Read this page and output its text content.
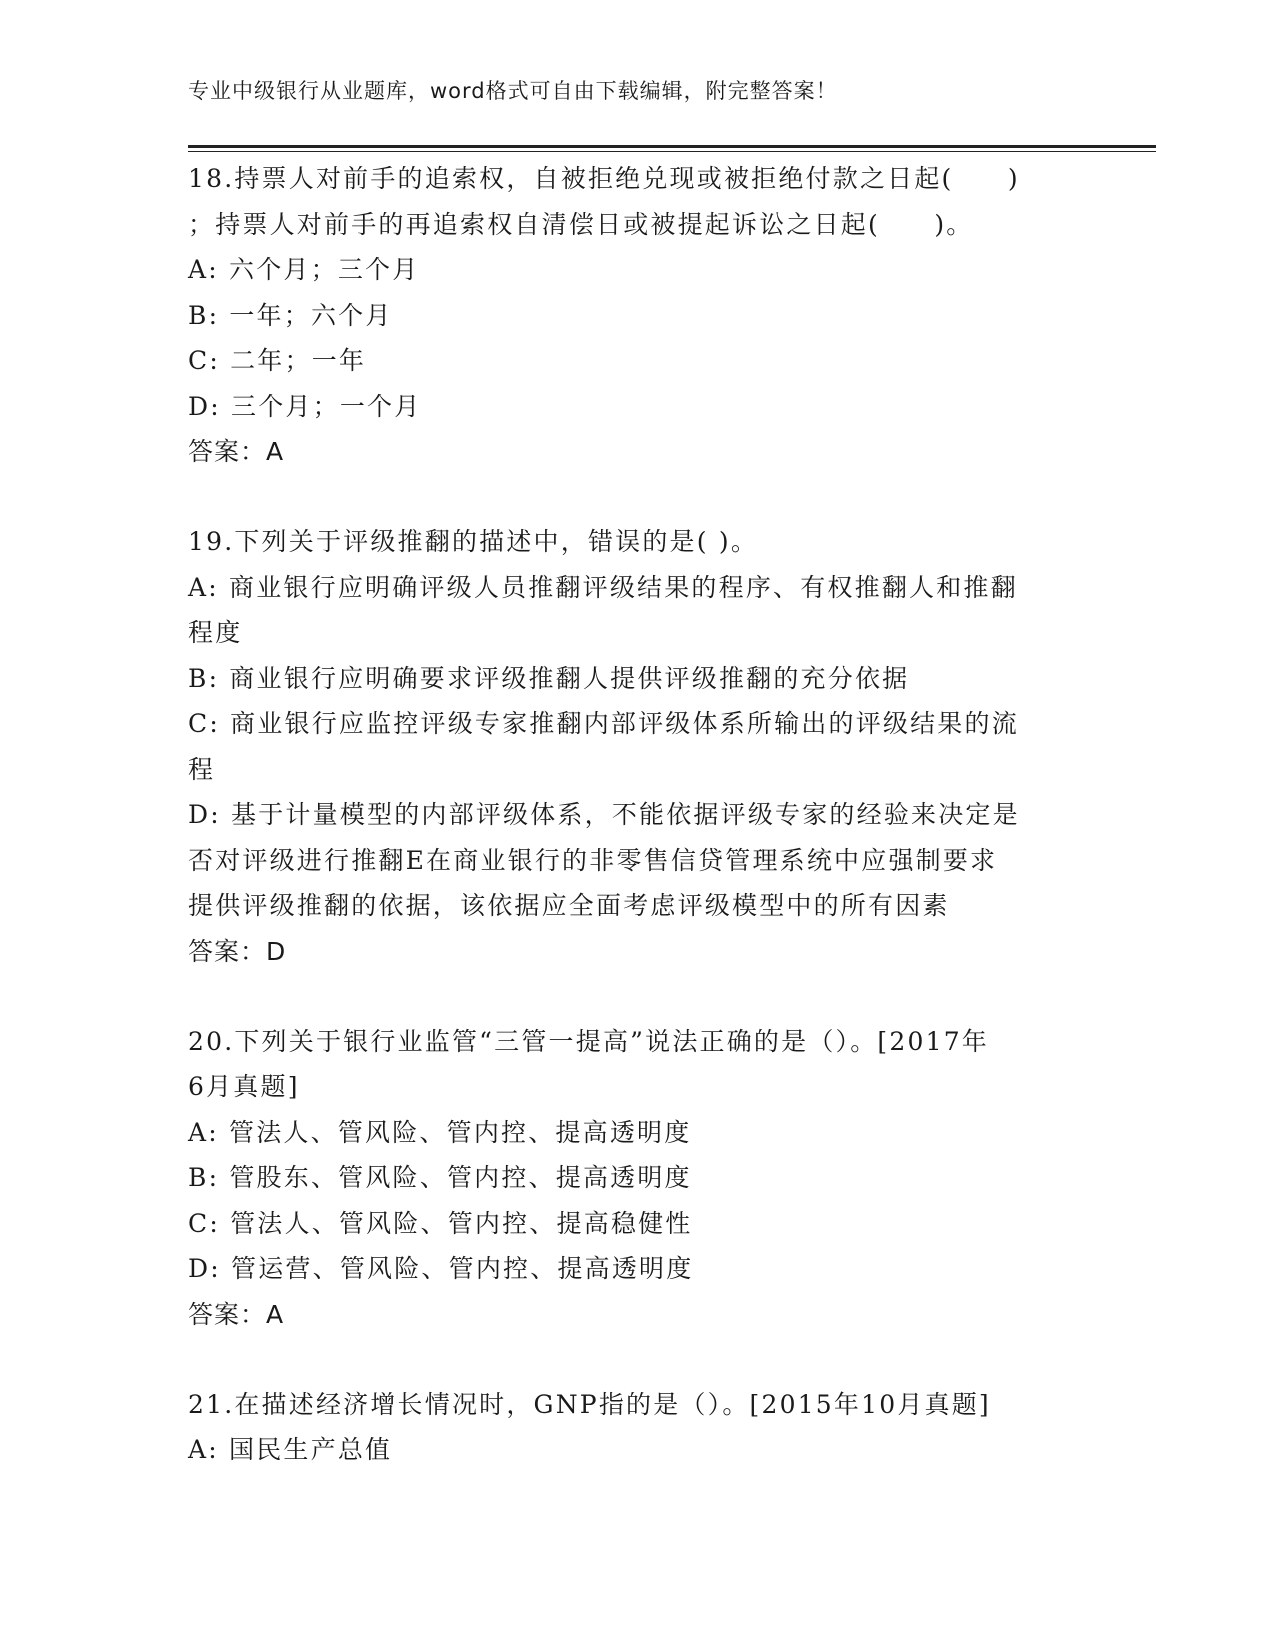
专业中级银行从业题库，word格式可自由下载编辑，附完整答案！
18.持票人对前手的追索权，自被拒绝兑现或被拒绝付款之日起(　　)
；持票人对前手的再追索权自清偿日或被提起诉讼之日起(　　)。
A: 六个月；三个月
B: 一年；六个月
C: 二年；一年
D: 三个月；一个月
答案：A
19.下列关于评级推翻的描述中，错误的是( )。
A: 商业银行应明确评级人员推翻评级结果的程序、有权推翻人和推翻
程度
B: 商业银行应明确要求评级推翻人提供评级推翻的充分依据
C: 商业银行应监控评级专家推翻内部评级体系所输出的评级结果的流
程
D: 基于计量模型的内部评级体系，不能依据评级专家的经验来决定是
否对评级进行推翻E在商业银行的非零售信贷管理系统中应强制要求
提供评级推翻的依据，该依据应全面考虑评级模型中的所有因素
答案：D
20.下列关于银行业监管“三管一提高”说法正确的是（）。[2017年
6月真题]
A: 管法人、管风险、管内控、提高透明度
B: 管股东、管风险、管内控、提高透明度
C: 管法人、管风险、管内控、提高稳健性
D: 管运营、管风险、管内控、提高透明度
答案：A
21.在描述经济增长情况时，GNP指的是（）。[2015年10月真题]
A: 国民生产总值
